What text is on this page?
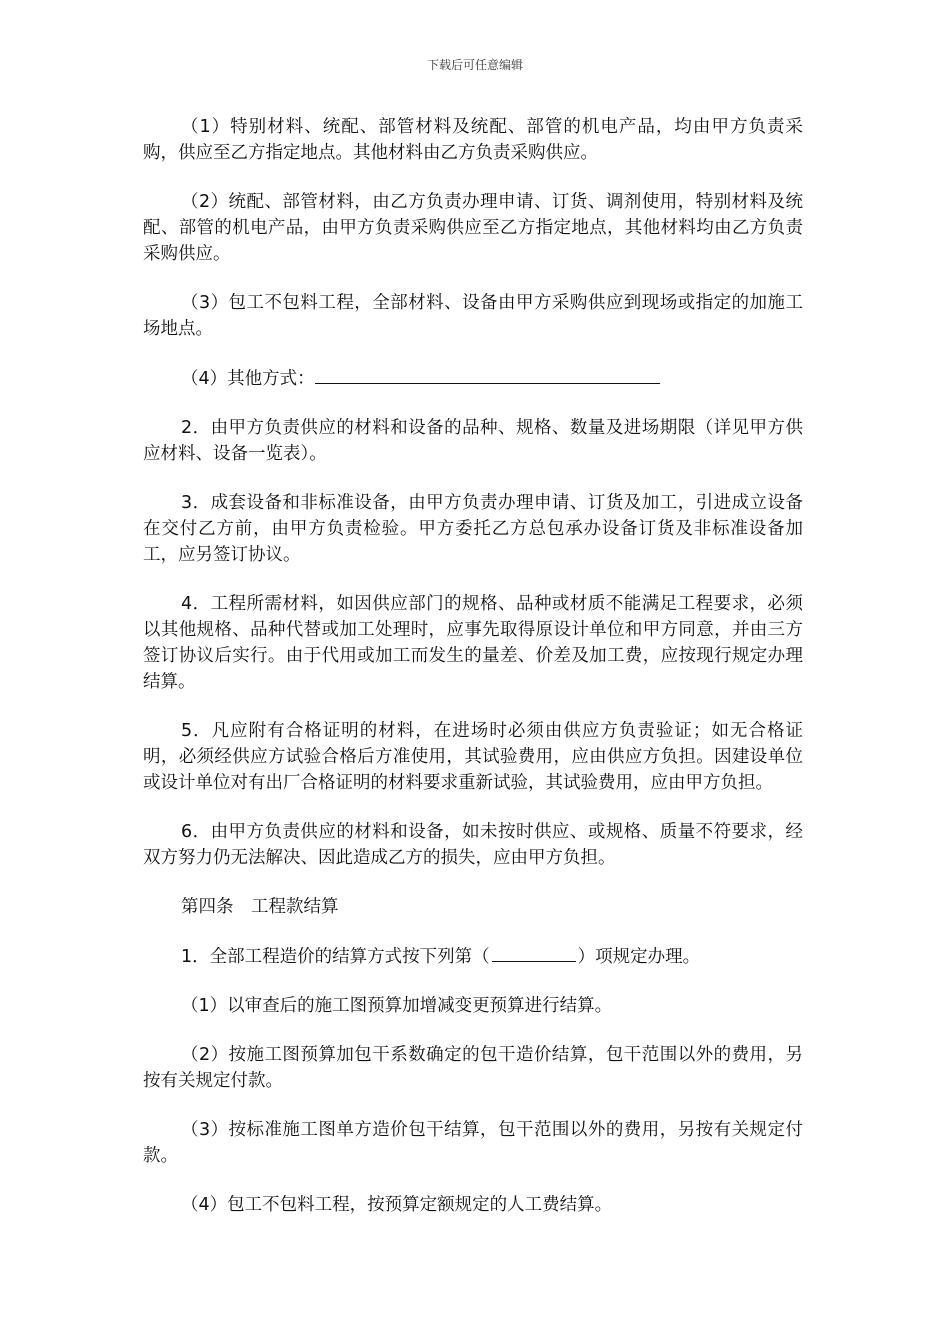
下载后可任意编辑

（1）特别材料、统配、部管材料及统配、部管的机电产品，均由甲方负责采购，供应至乙方指定地点。其他材料由乙方负责采购供应。

（2）统配、部管材料，由乙方负责办理申请、订货、调剂使用，特别材料及统配、部管的机电产品，由甲方负责采购供应至乙方指定地点，其他材料均由乙方负责采购供应。

（3）包工不包料工程，全部材料、设备由甲方采购供应到现场或指定的加施工场地点。

（4）其他方式：

2．由甲方负责供应的材料和设备的品种、规格、数量及进场期限（详见甲方供应材料、设备一览表）。

3．成套设备和非标准设备，由甲方负责办理申请、订货及加工，引进成立设备在交付乙方前，由甲方负责检验。甲方委托乙方总包承办设备订货及非标准设备加工，应另签订协议。

4．工程所需材料，如因供应部门的规格、品种或材质不能满足工程要求，必须以其他规格、品种代替或加工处理时，应事先取得原设计单位和甲方同意，并由三方签订协议后实行。由于代用或加工而发生的量差、价差及加工费，应按现行规定办理结算。

5．凡应附有合格证明的材料，在进场时必须由供应方负责验证；如无合格证明，必须经供应方试验合格后方准使用，其试验费用，应由供应方负担。因建设单位或设计单位对有出厂合格证明的材料要求重新试验，其试验费用，应由甲方负担。

6．由甲方负责供应的材料和设备，如未按时供应、或规格、质量不符要求，经双方努力仍无法解决、因此造成乙方的损失，应由甲方负担。

第四条　工程款结算

1．全部工程造价的结算方式按下列第（	）项规定办理。

（1）以审查后的施工图预算加增减变更预算进行结算。

（2）按施工图预算加包干系数确定的包干造价结算，包干范围以外的费用，另按有关规定付款。

（3）按标准施工图单方造价包干结算，包干范围以外的费用，另按有关规定付款。

（4）包工不包料工程，按预算定额规定的人工费结算。
